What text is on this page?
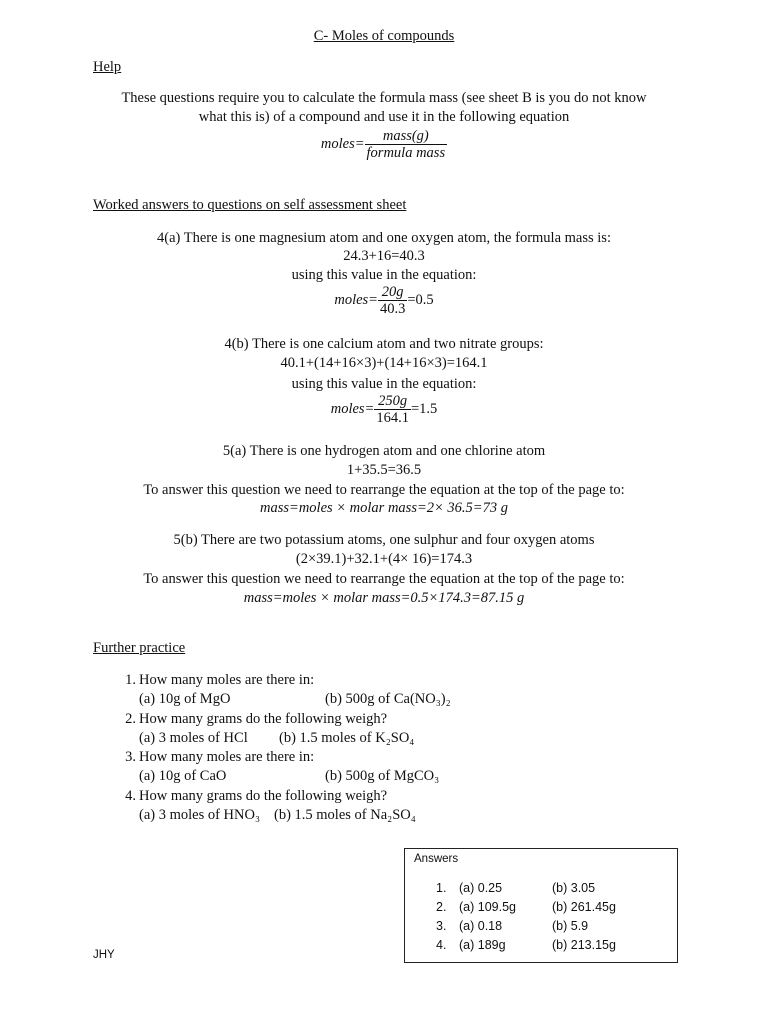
C- Moles of compounds
Help
These questions require you to calculate the formula mass (see sheet B is you do not know
what this is) of a compound and use it in the following equation
moles= $\frac{\text{mass(g)}}{\text{formula mass}}$
Worked answers to questions on self assessment sheet
4(a) There is one magnesium atom and one oxygen atom, the formula mass is:
24.3+16=40.3
using this value in the equation:
moles= $\frac{20g}{40.3} =0.5$
4(b) There is one calcium atom and two nitrate groups:
40.1+(14+16×3)+(14+16×3)=164.1
using this value in the equation:
moles= $\frac{250g}{164.1} =1.5$
5(a) There is one hydrogen atom and one chlorine atom
1+35.5=36.5
To answer this question we need to rearrange the equation at the top of the page to:
mass=moles × molar mass=2× 36.5=73 g
5(b) There are two potassium atoms, one sulphur and four oxygen atoms
(2×39.1)+32.1+(4× 16)=174.3
To answer this question we need to rearrange the equation at the top of the page to:
mass=moles × molar mass=0.5×174.3=87.15 g
Further practice
1. How many moles are there in:
(a) 10g of MgO	(b) 500g of Ca(NO₃)₂
2. How many grams do the following weigh?
(a) 3 moles of HCl (b) 1.5 moles of K₂SO₄
3. How many moles are there in:
(a) 10g of CaO	(b) 500g of MgCO₃
4. How many grams do the following weigh?
(a) 3 moles of HNO₃ (b) 1.5 moles of Na₂SO₄
Answers
1. (a) 0.25	(b) 3.05
2. (a) 109.5g	(b) 261.45g
3. (a) 0.18	(b) 5.9
4. (a) 189g	(b) 213.15g
JHY
